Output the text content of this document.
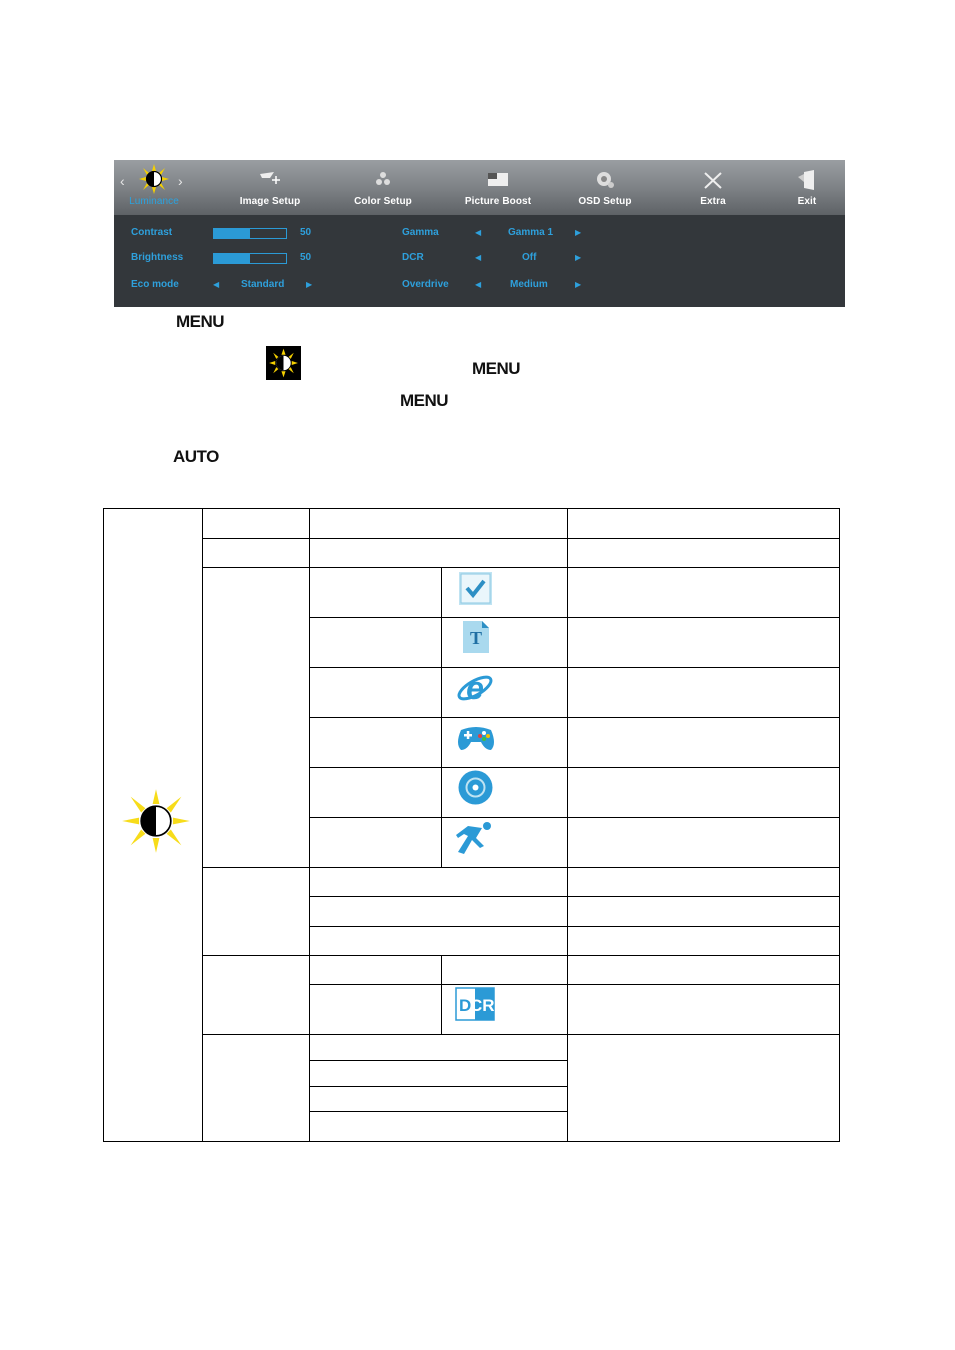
‹	›
Luminance	Image Setup	Color Setup	Picture Boost	OSD Setup	Extra	Exit
Contrast	50
Brightness	50
Eco mode	◀ Standard	▶
Gamma	◀	Gamma 1	▶
DCR	◀	Off	▶
Overdrive	◀	Medium	▶
MENU
MENU
MENU
AUTO
T
e
D
CR
